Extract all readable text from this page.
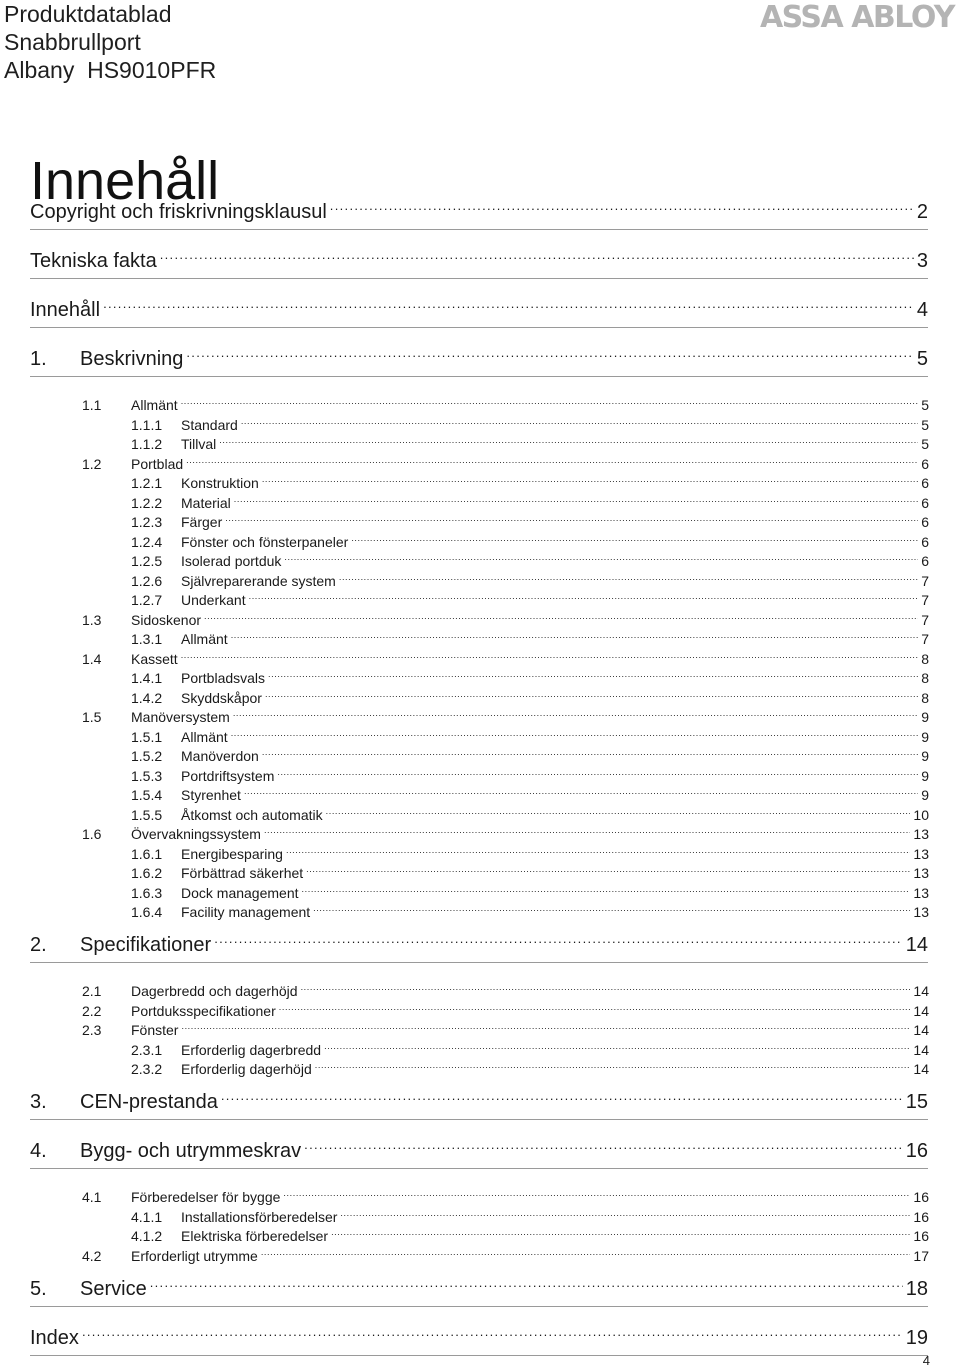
Produktdatablad
Snabbrullport
Albany  HS9010PFR
ASSA ABLOY
Innehåll
Copyright och friskrivningsklausul .....	2
Tekniska fakta .....	3
Innehåll .....	4
1. Beskrivning .....	5
1.1 Allmänt .....	5
1.1.1 Standard .....	5
1.1.2 Tillval .....	5
1.2 Portblad .....	6
1.2.1 Konstruktion .....	6
1.2.2 Material .....	6
1.2.3 Färger .....	6
1.2.4 Fönster och fönsterpaneler .....	6
1.2.5 Isolerad portduk .....	6
1.2.6 Självreparerande system .....	7
1.2.7 Underkant .....	7
1.3 Sidoskenor .....	7
1.3.1 Allmänt .....	7
1.4 Kassett .....	8
1.4.1 Portbladsvals .....	8
1.4.2 Skyddskåpor .....	8
1.5 Manöversystem .....	9
1.5.1 Allmänt .....	9
1.5.2 Manöverdon .....	9
1.5.3 Portdriftsystem .....	9
1.5.4 Styrenhet .....	9
1.5.5 Åtkomst och automatik .....	10
1.6 Övervakningssystem .....	13
1.6.1 Energibesparing .....	13
1.6.2 Förbättrad säkerhet .....	13
1.6.3 Dock management .....	13
1.6.4 Facility management .....	13
2. Specifikationer .....	14
2.1 Dagerbredd och dagerhöjd .....	14
2.2 Portduksspecifikationer .....	14
2.3 Fönster .....	14
2.3.1 Erforderlig dagerbredd .....	14
2.3.2 Erforderlig dagerhöjd .....	14
3. CEN-prestanda .....	15
4. Bygg- och utrymmeskrav .....	16
4.1 Förberedelser för bygge .....	16
4.1.1 Installationsförberedelser .....	16
4.1.2 Elektriska förberedelser .....	16
4.2 Erforderligt utrymme .....	17
5. Service .....	18
Index .....	19
4
